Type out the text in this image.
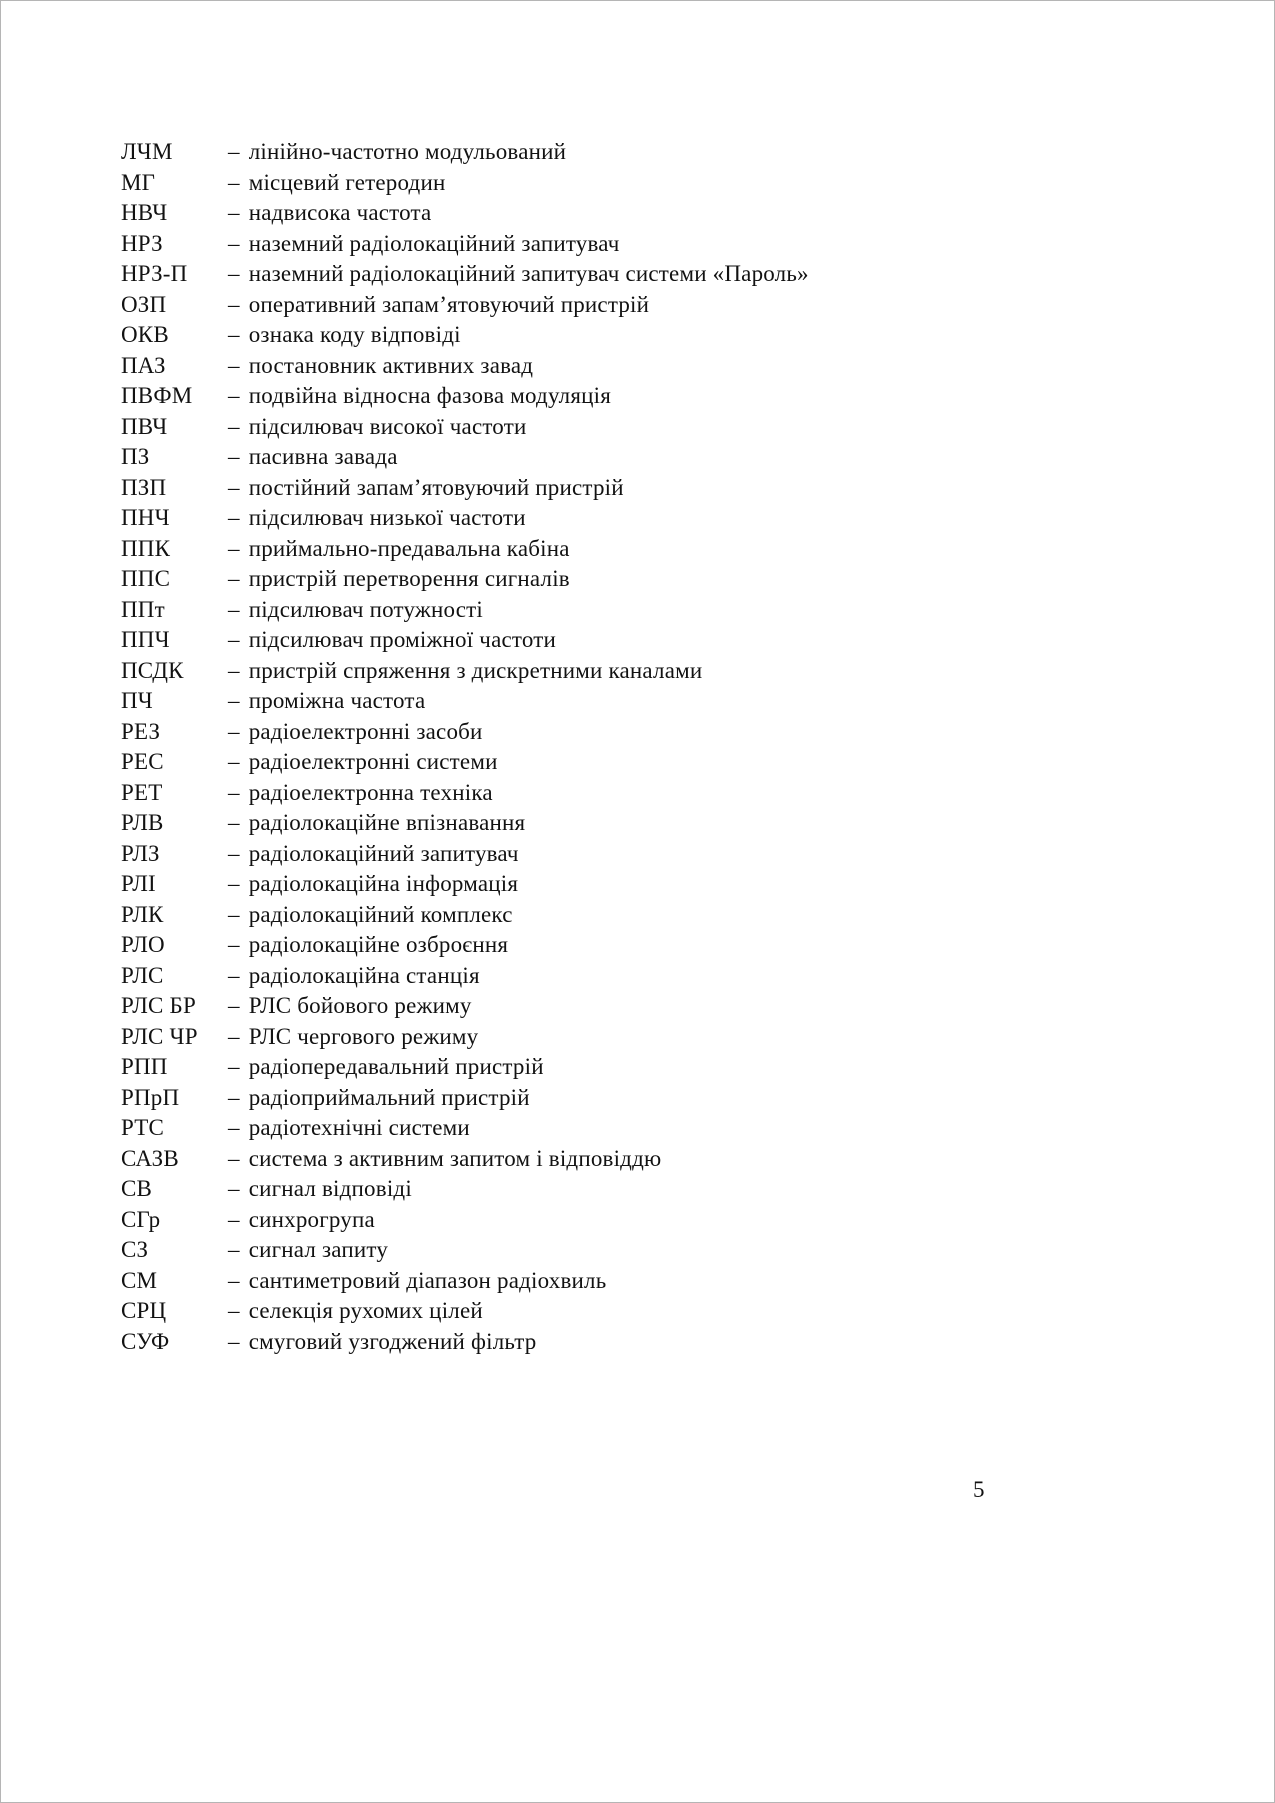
ЛЧМ	– лінійно-частотно модульований
МГ	– місцевий гетеродин
НВЧ	– надвисока частота
НРЗ	– наземний радіолокаційний запитувач
НРЗ-П	– наземний радіолокаційний запитувач системи «Пароль»
ОЗП	– оперативний запам’ятовуючий пристрій
ОКВ	– ознака коду відповіді
ПАЗ	– постановник активних завад
ПВФМ	– подвійна відносна фазова модуляція
ПВЧ	– підсилювач високої частоти
ПЗ	– пасивна завада
ПЗП	– постійний запам’ятовуючий пристрій
ПНЧ	– підсилювач низької частоти
ППК	– приймально-предавальна кабіна
ППС	– пристрій перетворення сигналів
ППт	– підсилювач потужності
ППЧ	– підсилювач проміжної частоти
ПСДК	– пристрій спряження з дискретними каналами
ПЧ	– проміжна частота
РЕЗ	– радіоелектронні засоби
РЕС	– радіоелектронні системи
РЕТ	– радіоелектронна техніка
РЛВ	– радіолокаційне впізнавання
РЛЗ	– радіолокаційний запитувач
РЛІ	– радіолокаційна інформація
РЛК	– радіолокаційний комплекс
РЛО	– радіолокаційне озброєння
РЛС	– радіолокаційна станція
РЛС БР	– РЛС бойового режиму
РЛС ЧР	– РЛС чергового режиму
РПП	– радіопередавальний пристрій
РПрП	– радіоприймальний пристрій
РТС	– радіотехнічні системи
САЗВ	– система з активним запитом і відповіддю
СВ	– сигнал відповіді
СГр	– синхрогрупа
СЗ	– сигнал запиту
СМ	– сантиметровий діапазон радіохвиль
СРЦ	– селекція рухомих цілей
СУФ	– смуговий узгоджений фільтр
5
